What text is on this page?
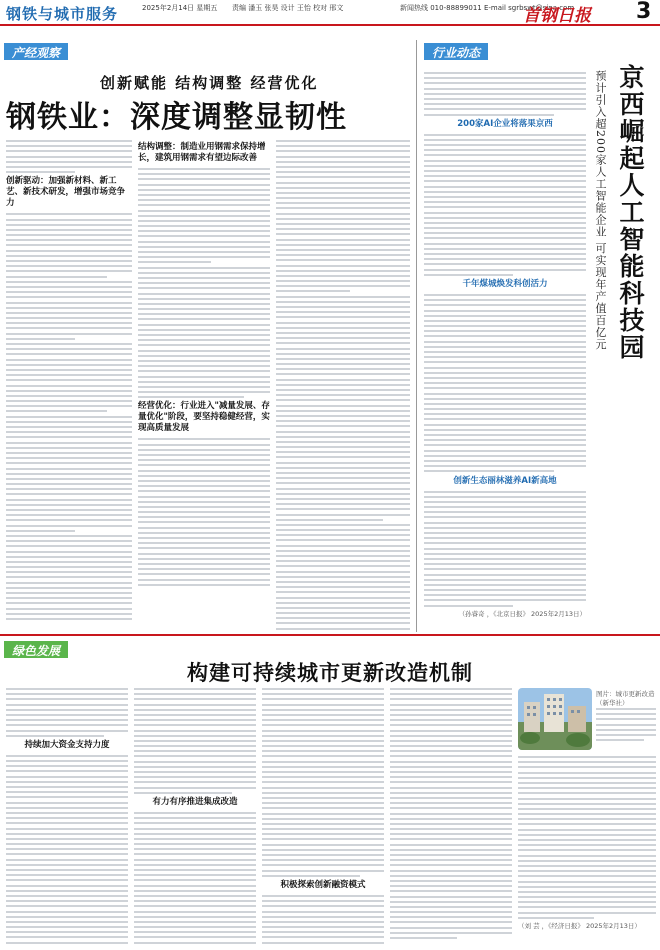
钢铁与城市服务	2025年2月14日 星期五 责编 潘玉 张昊 设计 王怡 校对 邢文	新闻热线 010-88899011 E-mail sgrbswt@sina.com
首钢日报 3
产经观察
创新赋能 结构调整 经营优化
钢铁业：深度调整显韧性
创新驱动：加强新材料、新工艺、新技术研发，增强市场竞争力
结构调整：制造业用钢需求保持增长，建筑用钢需求有望边际改善
经营优化：行业进入"减量发展、存量优化"阶段，要坚持稳健经营，实现高质量发展
行业动态
京西崛起人工智能科技园
预计引入超200家人工智能企业 可实现年产值百亿元
200家AI企业将落果京西
千年煤城焕发科创活力
创新生态丽林滋养AI新高地
（孙睿奇 ，《北京日报》 2025年2月13日）
绿色发展
构建可持续城市更新改造机制
持续加大资金支持力度
有力有序推进集成改造
积极探索创新融资模式
图片：城市更新改造（新华社）
（刘 芸 ，《经济日报》 2025年2月13日）
